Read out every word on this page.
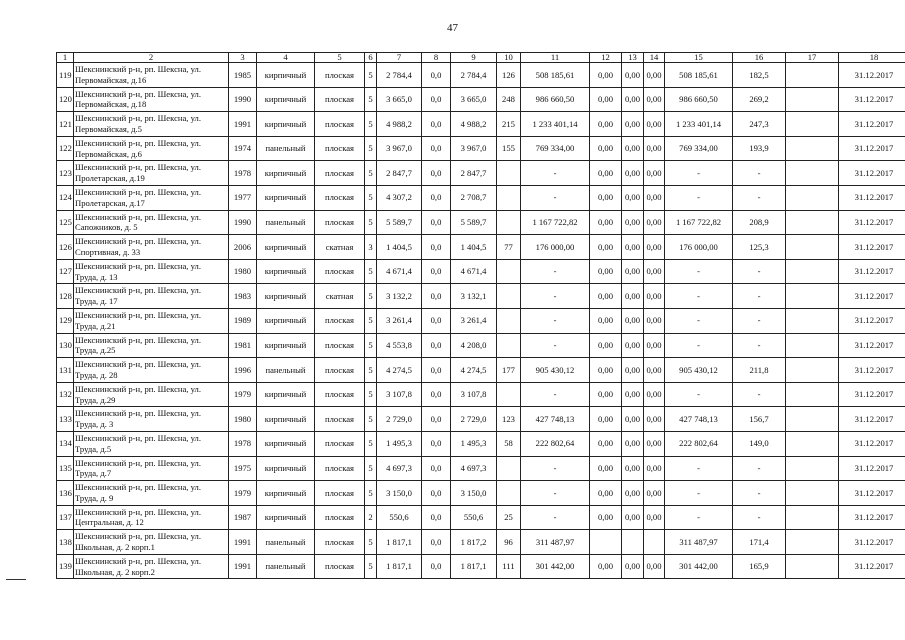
47
1	2	3	4	5	6	7	8	9	10	11	12	13	14	15	16	17	18
119	Шекснинский р-н, рп. Шексна, ул. Первомайская, д.16	1985	кирпичный	плоская	5	2 784,4	0,0	2 784,4	126	508 185,61	0,00	0,00	0,00	508 185,61	182,5		31.12.2017
120	Шекснинский р-н, рп. Шексна, ул. Первомайская, д.18	1990	кирпичный	плоская	5	3 665,0	0,0	3 665,0	248	986 660,50	0,00	0,00	0,00	986 660,50	269,2		31.12.2017
121	Шекснинский р-н, рп. Шексна, ул. Первомайская, д.5	1991	кирпичный	плоская	5	4 988,2	0,0	4 988,2	215	1 233 401,14	0,00	0,00	0,00	1 233 401,14	247,3		31.12.2017
122	Шекснинский р-н, рп. Шексна, ул. Первомайская, д.6	1974	панельный	плоская	5	3 967,0	0,0	3 967,0	155	769 334,00	0,00	0,00	0,00	769 334,00	193,9		31.12.2017
123	Шекснинский р-н, рп. Шексна, ул. Пролетарская, д.19	1978	кирпичный	плоская	5	2 847,7	0,0	2 847,7		-	0,00	0,00	0,00	-	-		31.12.2017
124	Шекснинский р-н, рп. Шексна, ул. Пролетарская, д.17	1977	кирпичный	плоская	5	4 307,2	0,0	2 708,7		-	0,00	0,00	0,00	-	-		31.12.2017
125	Шекснинский р-н, рп. Шексна, ул. Сапожников, д. 5	1990	панельный	плоская	5	5 589,7	0,0	5 589,7		1 167 722,82	0,00	0,00	0,00	1 167 722,82	208,9		31.12.2017
126	Шекснинский р-н, рп. Шексна, ул. Спортивная, д. 33	2006	кирпичный	скатная	3	1 404,5	0,0	1 404,5	77	176 000,00	0,00	0,00	0,00	176 000,00	125,3		31.12.2017
127	Шекснинский р-н, рп. Шексна, ул. Труда, д. 13	1980	кирпичный	плоская	5	4 671,4	0,0	4 671,4		-	0,00	0,00	0,00	-	-		31.12.2017
128	Шекснинский р-н, рп. Шексна, ул. Труда, д. 17	1983	кирпичный	скатная	5	3 132,2	0,0	3 132,1		-	0,00	0,00	0,00	-	-		31.12.2017
129	Шекснинский р-н, рп. Шексна, ул. Труда, д.21	1989	кирпичный	плоская	5	3 261,4	0,0	3 261,4		-	0,00	0,00	0,00	-	-		31.12.2017
130	Шекснинский р-н, рп. Шексна, ул. Труда, д.25	1981	кирпичный	плоская	5	4 553,8	0,0	4 208,0		-	0,00	0,00	0,00	-	-		31.12.2017
131	Шекснинский р-н, рп. Шексна, ул. Труда, д. 28	1996	панельный	плоская	5	4 274,5	0,0	4 274,5	177	905 430,12	0,00	0,00	0,00	905 430,12	211,8		31.12.2017
132	Шекснинский р-н, рп. Шексна, ул. Труда, д.29	1979	кирпичный	плоская	5	3 107,8	0,0	3 107,8		-	0,00	0,00	0,00	-	-		31.12.2017
133	Шекснинский р-н, рп. Шексна, ул. Труда, д. 3	1980	кирпичный	плоская	5	2 729,0	0,0	2 729,0	123	427 748,13	0,00	0,00	0,00	427 748,13	156,7		31.12.2017
134	Шекснинский р-н, рп. Шексна, ул. Труда, д.5	1978	кирпичный	плоская	5	1 495,3	0,0	1 495,3	58	222 802,64	0,00	0,00	0,00	222 802,64	149,0		31.12.2017
135	Шекснинский р-н, рп. Шексна, ул. Труда, д.7	1975	кирпичный	плоская	5	4 697,3	0,0	4 697,3		-	0,00	0,00	0,00	-	-		31.12.2017
136	Шекснинский р-н, рп. Шексна, ул. Труда, д. 9	1979	кирпичный	плоская	5	3 150,0	0,0	3 150,0		-	0,00	0,00	0,00	-	-		31.12.2017
137	Шекснинский р-н, рп. Шексна, ул. Центральная, д. 12	1987	кирпичный	плоская	2	550,6	0,0	550,6	25	-	0,00	0,00	0,00	-	-		31.12.2017
138	Шекснинский р-н, рп. Шексна, ул. Школьная, д. 2 корп.1	1991	панельный	плоская	5	1 817,1	0,0	1 817,2	96	311 487,97				311 487,97	171,4		31.12.2017
139	Шекснинский р-н, рп. Шексна, ул. Школьная, д. 2 корп.2	1991	панельный	плоская	5	1 817,1	0,0	1 817,1	111	301 442,00	0,00	0,00	0,00	301 442,00	165,9		31.12.2017
